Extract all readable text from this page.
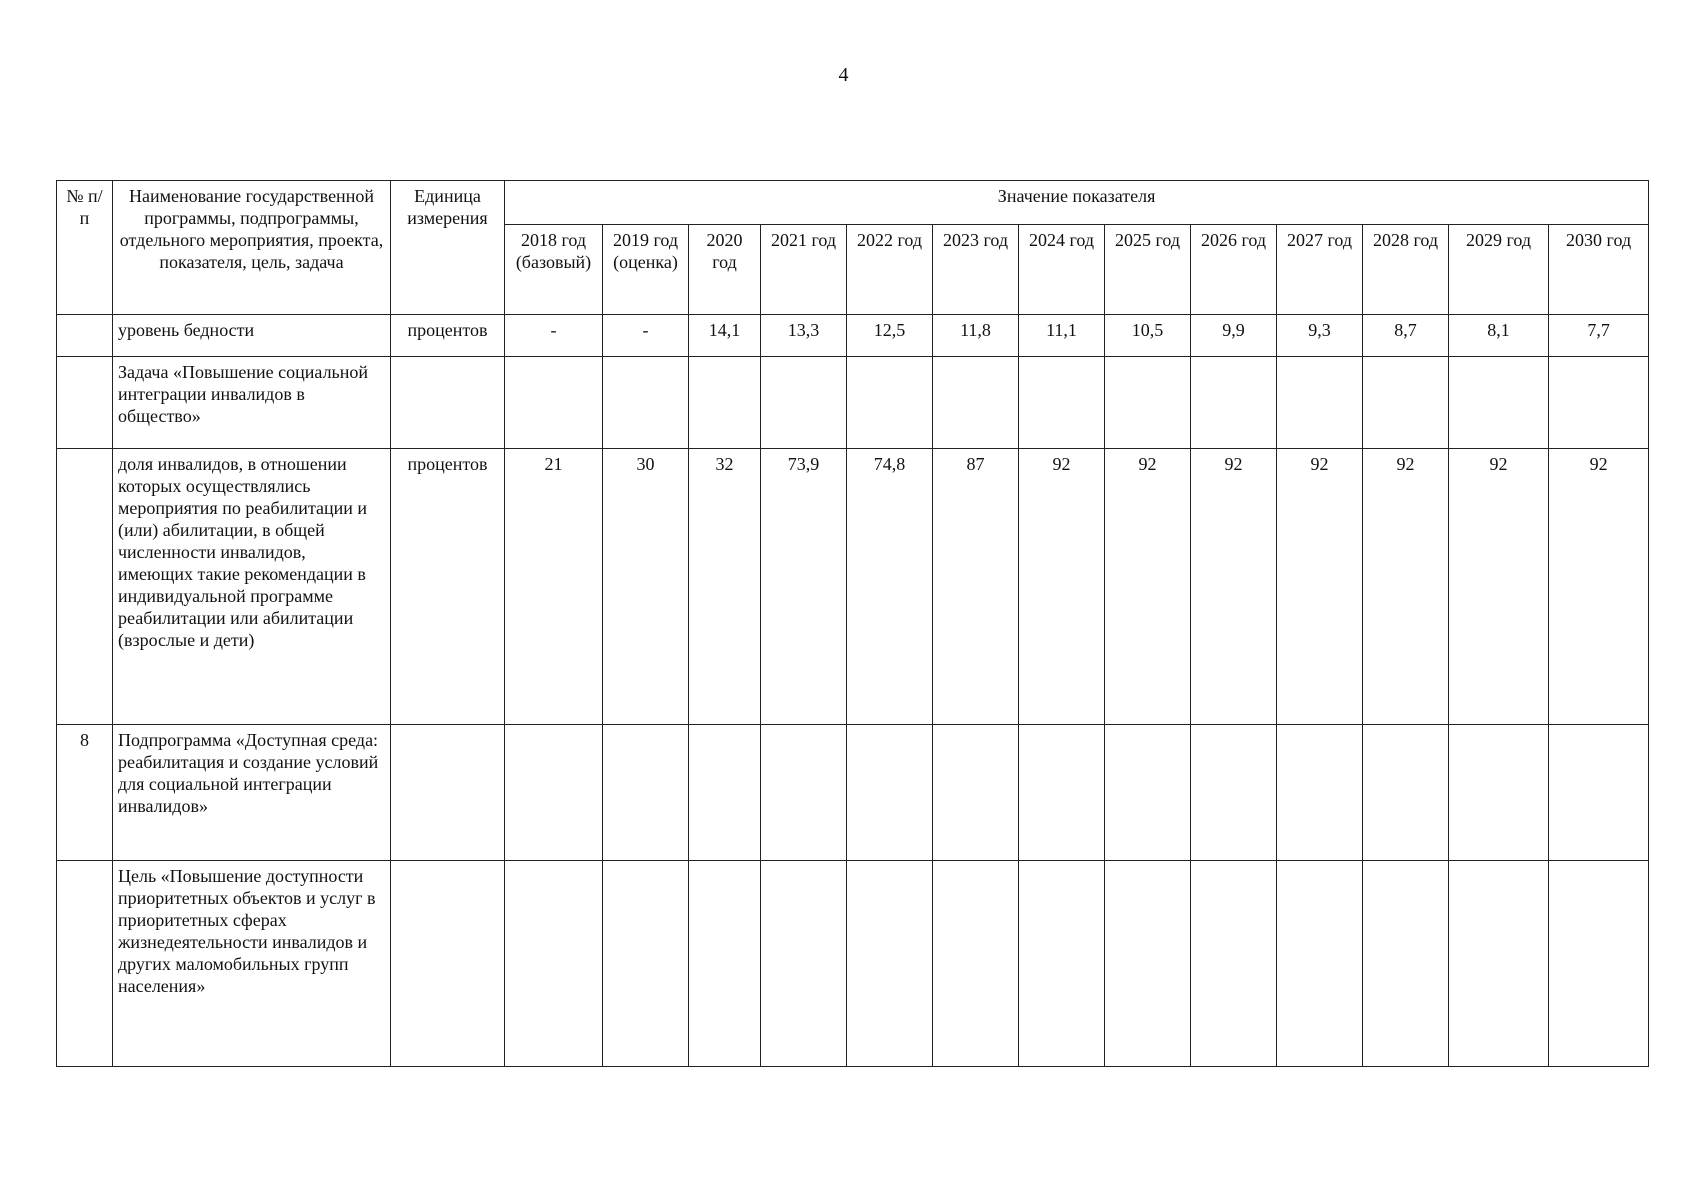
4
№ п/п	Наименование государственной программы, подпрограммы, отдельного мероприятия, проекта, показателя, цель, задача	Единица измерения	Значение показателя												
			2018 год (базовый)	2019 год (оценка)	2020 год	2021 год	2022 год	2023 год	2024 год	2025 год	2026 год	2027 год	2028 год	2029 год	2030 год
	уровень бедности	процентов	-	-	14,1	13,3	12,5	11,8	11,1	10,5	9,9	9,3	8,7	8,1	7,7
	Задача «Повышение социальной интеграции инвалидов в общество»														
	доля инвалидов, в отношении которых осуществлялись мероприятия по реабилитации и (или) абилитации, в общей численности инвалидов, имеющих такие рекомендации в индивидуальной программе реабилитации или абилитации (взрослые и дети)	процентов	21	30	32	73,9	74,8	87	92	92	92	92	92	92	92
8	Подпрограмма «Доступная среда: реабилитация и создание условий для социальной интеграции инвалидов»														
	Цель «Повышение доступности приоритетных объектов и услуг в приоритетных сферах жизнедеятельности инвалидов и других маломобильных групп населения»														
